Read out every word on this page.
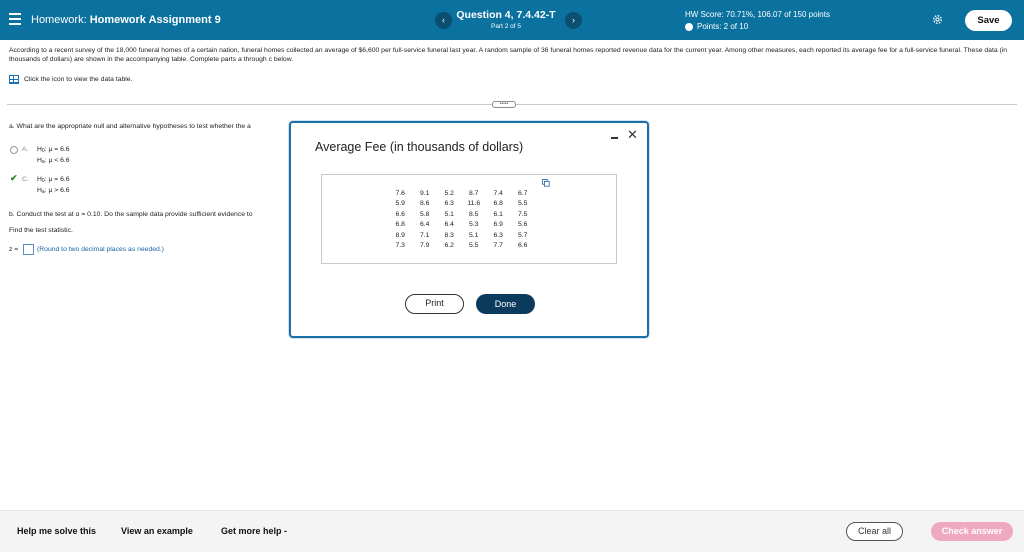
Homework: Homework Assignment 9	‹	Question 4, 7.4.42-T
Part 2 of 5
›
HW Score: 70.71%, 106.07 of 150 points
Points: 2 of 10
Save
According to a recent survey of the 18,000 funeral homes of a certain nation, funeral homes collected an average of $6,600 per full-service funeral last year. A random sample of 36 funeral homes reported revenue data for the current year. Among other measures, each reported its average fee for a full-service funeral. These data (in thousands of dollars) are shown in the accompanying table. Complete parts a through c below.
Click the icon to view the data table.
•••••
a. What are the appropriate null and alternative hypotheses to test whether the a
A. $H_0$: μ = 6.6
$H_a$: μ < 6.6
✔ C. $H_0$: μ = 6.6
$H_a$: μ > 6.6
b. Conduct the test at α = 0.10. Do the sample data provide sufficient evidence to
Find the test statistic.
z =	(Round to two decimal places as needed.)
Average Fee (in thousands of dollars)
✕
7.6	9.1	5.2	8.7	7.4	6.7
5.9	8.6	6.3	11.6	6.8	5.5
6.6	5.8	5.1	8.5	6.1	7.5
6.8	6.4	6.4	5.3	6.9	5.6
8.9	7.1	8.3	5.1	6.3	5.7
7.3	7.9	6.2	5.5	7.7	6.6
Print	Done
Help me solve this	View an example	Get more help -	Clear all	Check answer
